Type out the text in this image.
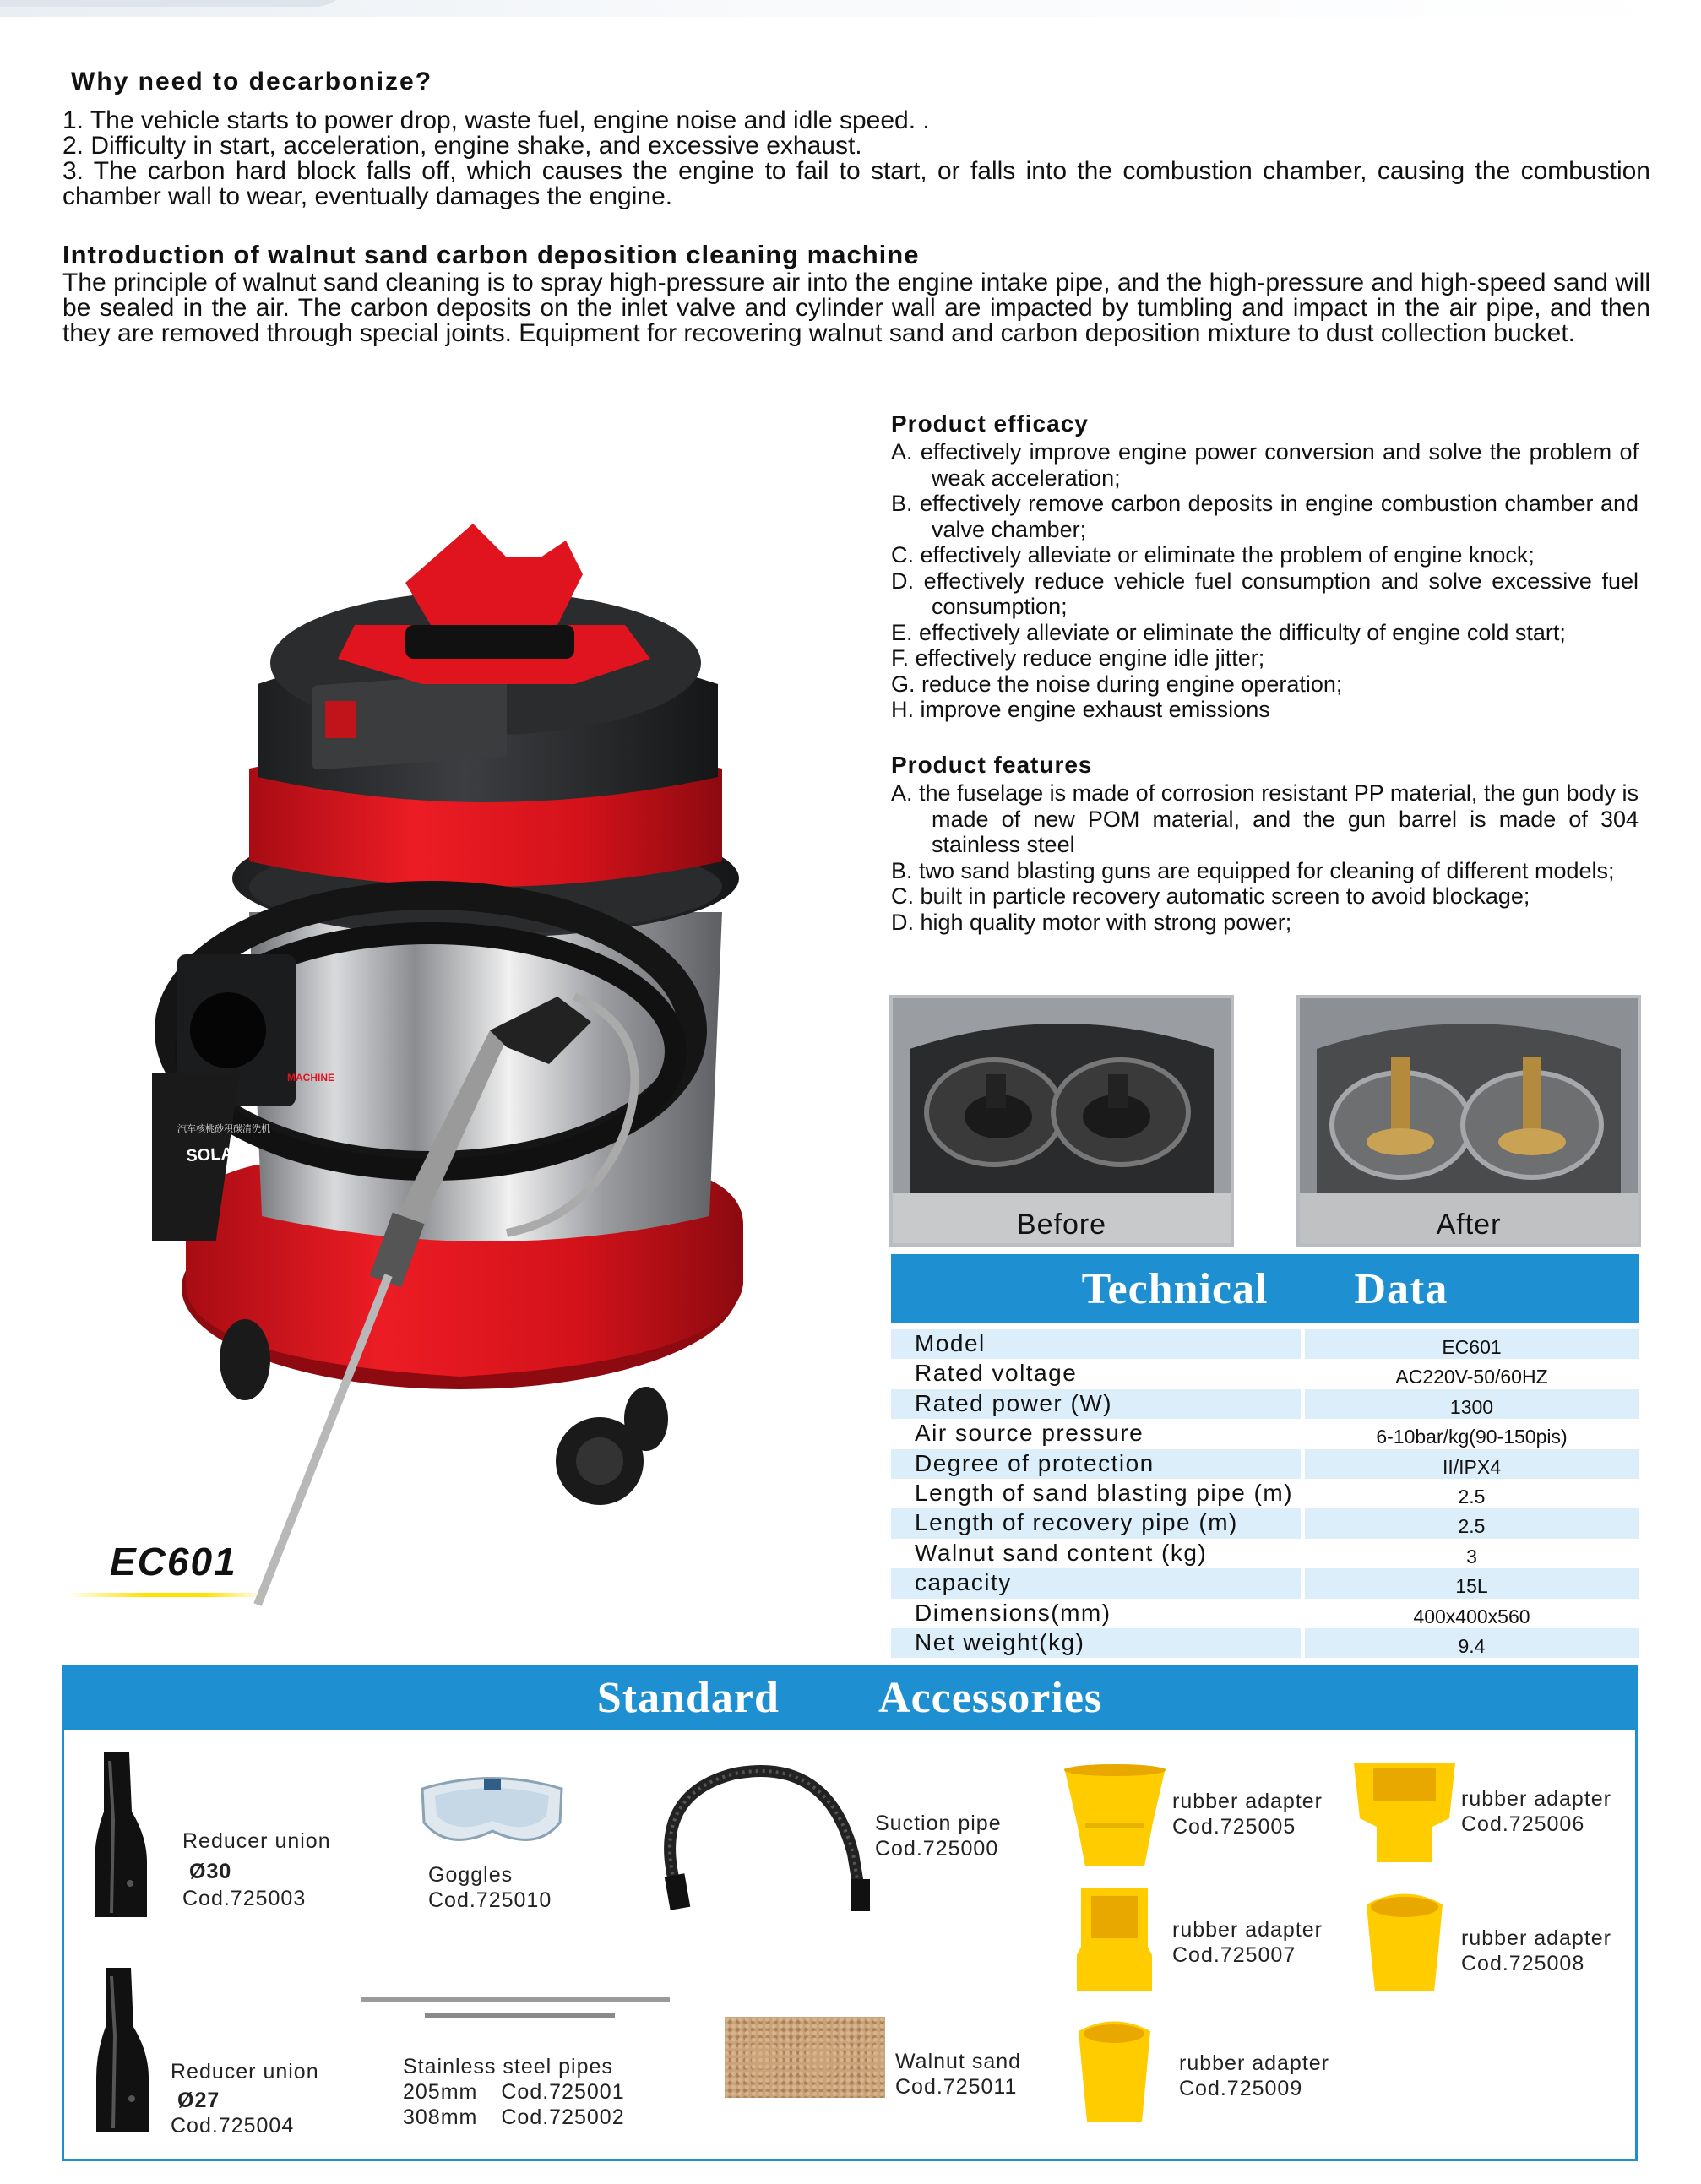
Why need to decarbonize?
1. The vehicle starts to power drop, waste fuel, engine noise and idle speed. .
2. Difficulty in start, acceleration, engine shake, and excessive exhaust.
3. The carbon hard block falls off, which causes the engine to fail to start, or falls into the combustion chamber, causing the combustion chamber wall to wear, eventually damages the engine.
Introduction of walnut sand carbon deposition cleaning machine
The principle of walnut sand cleaning is to spray high-pressure air into the engine intake pipe, and the high-pressure and high-speed sand will be sealed in the air. The carbon deposits on the inlet valve and cylinder wall are impacted by tumbling and impact in the air pipe, and then they are removed through special joints. Equipment for recovering walnut sand and carbon deposition mixture to dust collection bucket.
汽车核桃砂积碳清洗机
MACHINE
SOLARY
EC601
Product efficacy
A. effectively improve engine power conversion and solve the problem of weak acceleration;
B. effectively remove carbon deposits in engine combustion chamber and valve chamber;
C. effectively alleviate or eliminate the problem of engine knock;
D. effectively reduce vehicle fuel consumption and solve excessive fuel consumption;
E. effectively alleviate or eliminate the difficulty of engine cold start;
F. effectively reduce engine idle jitter;
G. reduce the noise during engine operation;
H. improve engine exhaust emissions
Product features
A. the fuselage is made of corrosion resistant PP material, the gun body is made of new POM material, and the gun barrel is made of 304 stainless steel
B. two sand blasting guns are equipped for cleaning of different models;
C. built in particle recovery automatic screen to avoid blockage;
D. high quality motor with strong power;
Before	After
Technical   Data
Model	EC601
Rated voltage	AC220V-50/60HZ
Rated power (W)	1300
Air source pressure	6-10bar/kg(90-150pis)
Degree of protection	II/IPX4
Length of sand blasting pipe (m)	2.5
Length of recovery pipe (m)	2.5
Walnut sand content (kg)	3
capacity	15L
Dimensions(mm)	400x400x560
Net weight(kg)	9.4
Standard   Accessories
Reducer union
Ø30
Cod.725003
Goggles
Cod.725010
Suction pipe
Cod.725000
rubber adapter
Cod.725005
rubber adapter
Cod.725006
rubber adapter
Cod.725007
rubber adapter
Cod.725008
rubber adapter
Cod.725009
Reducer union
Ø27
Cod.725004
Stainless steel pipes
205mm Cod.725001
308mm Cod.725002
Walnut sand
Cod.725011
